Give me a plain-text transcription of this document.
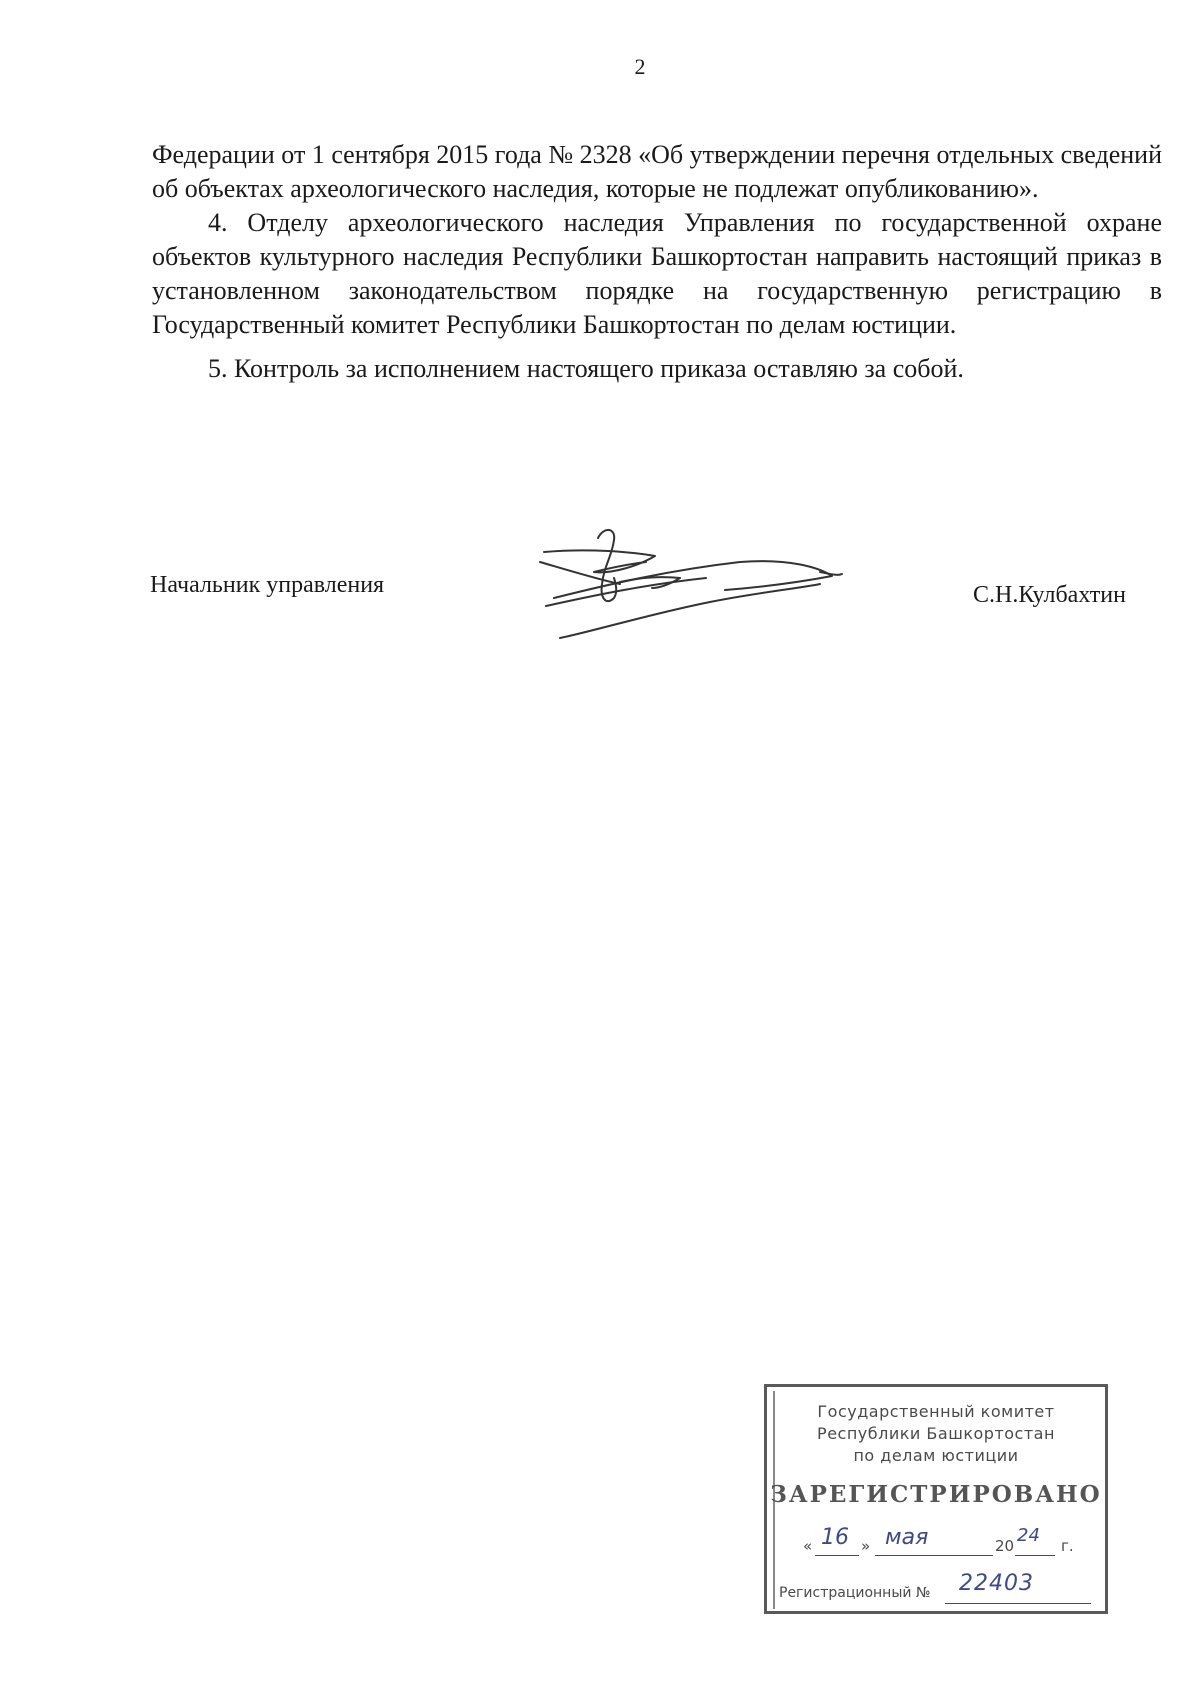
2

Федерации от 1 сентября 2015 года № 2328 «Об утверждении перечня отдельных сведений об объектах археологического наследия, которые не подлежат опубликованию».

4. Отделу археологического наследия Управления по государственной охране объектов культурного наследия Республики Башкортостан направить настоящий приказ в установленном законодательством порядке на государственную регистрацию в Государственный комитет Республики Башкортостан по делам юстиции.

5. Контроль за исполнением настоящего приказа оставляю за собой.

Начальник управления	С.Н.Кулбахтин
Государственный комитет
Республики Башкортостан
по делам юстиции
ЗАРЕГИСТРИРОВАНО
« 16 » мая	20 24 г.
Регистрационный № 22403
